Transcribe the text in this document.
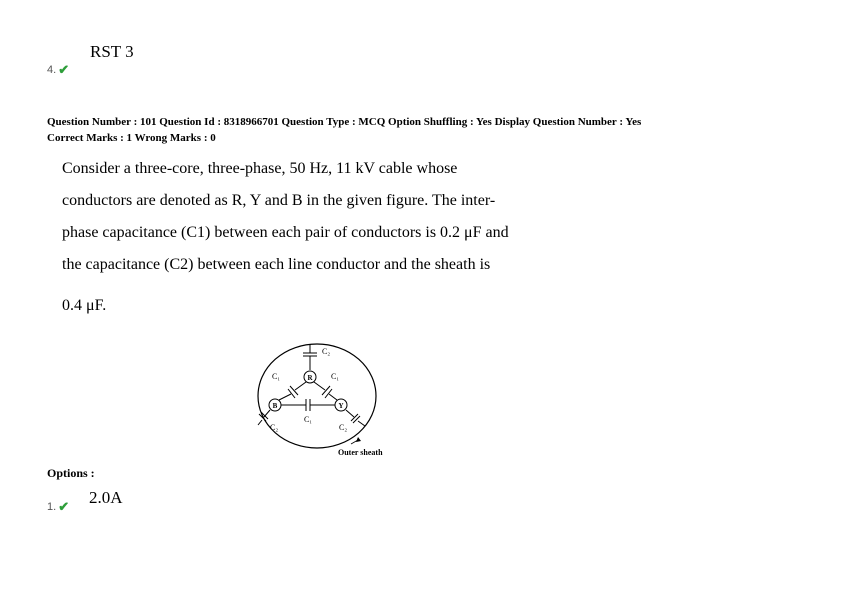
RST 3
4. ✔
Question Number : 101 Question Id : 8318966701 Question Type : MCQ Option Shuffling : Yes Display Question Number : Yes
Correct Marks : 1 Wrong Marks : 0
Consider a three-core, three-phase, 50 Hz, 11 kV cable whose
conductors are denoted as R, Y and B in the given figure. The inter-
phase capacitance (C1) between each pair of conductors is 0.2 μF and
the capacitance (C2) between each line conductor and the sheath is
0.4 μF.
C₂
R
Y
B
C₁
C₁	C₁
C₂	C₂
Outer sheath
Options :
1. ✔ 2.0A
